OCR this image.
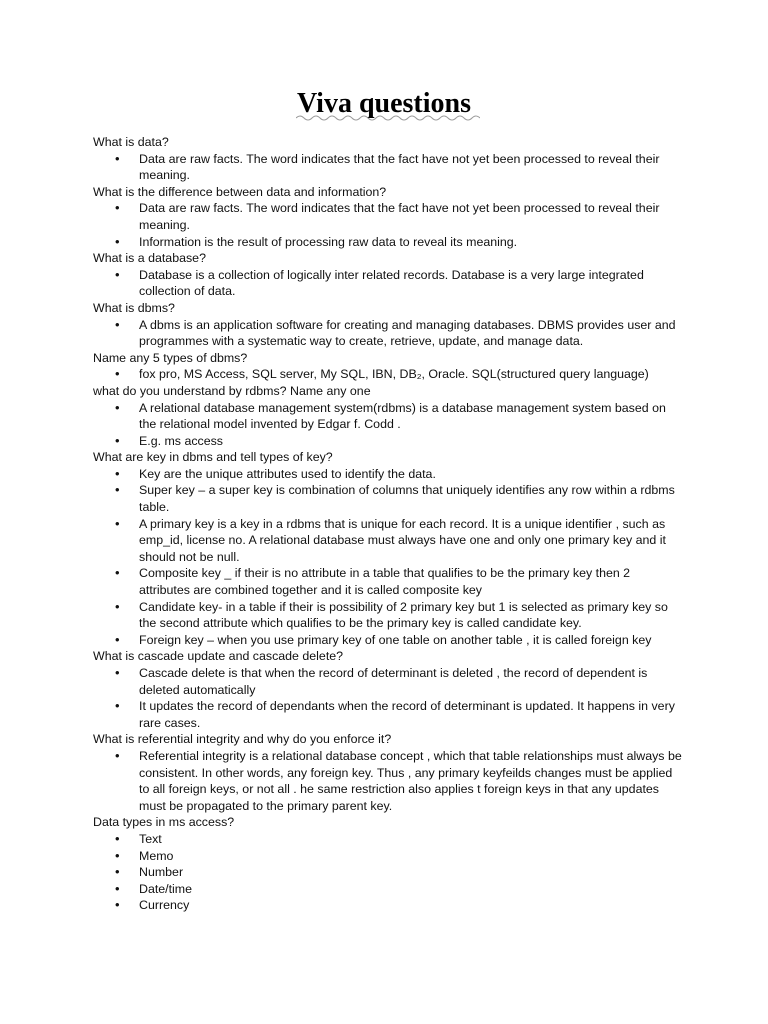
Viva questions

What is data?

• Data are raw facts. The word indicates that the fact have not yet been processed to reveal their meaning.

What is the difference between data and information?

• Data are raw facts. The word indicates that the fact have not yet been processed to reveal their meaning.
• Information is the result of processing raw data to reveal its meaning.

What is a database?

• Database is a collection of logically inter related records. Database is a very large integrated collection of data.

What is dbms?

• A dbms is an application software for creating and managing databases. DBMS provides user and programmes with a systematic way to create, retrieve, update, and manage data.

Name any 5 types of dbms?

• fox pro, MS Access, SQL server, My SQL, IBN, DB₂, Oracle. SQL(structured query language)

what do you understand by rdbms? Name any one

• A relational database management system(rdbms) is a database management system based on the relational model invented by Edgar f. Codd .
• E.g. ms access

What are key in dbms and tell types of key?

• Key are the unique attributes used to identify the data.
• Super key – a super key is combination of columns that uniquely identifies any row within a rdbms table.
• A primary key is a key in a rdbms that is unique for each record. It is a unique identifier , such as emp_id, license no. A relational database must always have one and only one primary key and it should not be null.
• Composite key _ if their is no attribute in a table that qualifies to be the primary key then 2 attributes are combined together and it is called composite key
• Candidate key- in a table if their is possibility of 2 primary key but 1 is selected as primary key so the second attribute which qualifies to be the primary key is called candidate key.
• Foreign key – when you use primary key of one table on another table , it is called foreign key

What is cascade update and cascade delete?

• Cascade delete is that when the record of determinant is deleted , the record of dependent is deleted automatically
• It updates the record of dependants when the record of determinant is updated. It happens in very rare cases.

What is referential integrity and why do you enforce it?

• Referential integrity is a relational database concept , which that table relationships must always be consistent. In other words, any foreign key. Thus , any primary keyfeilds changes must be applied to all foreign keys, or not all . he same restriction also applies t foreign keys in that any updates must be propagated to the primary parent key.

Data types in ms access?

• Text
• Memo
• Number
• Date/time
• Currency
